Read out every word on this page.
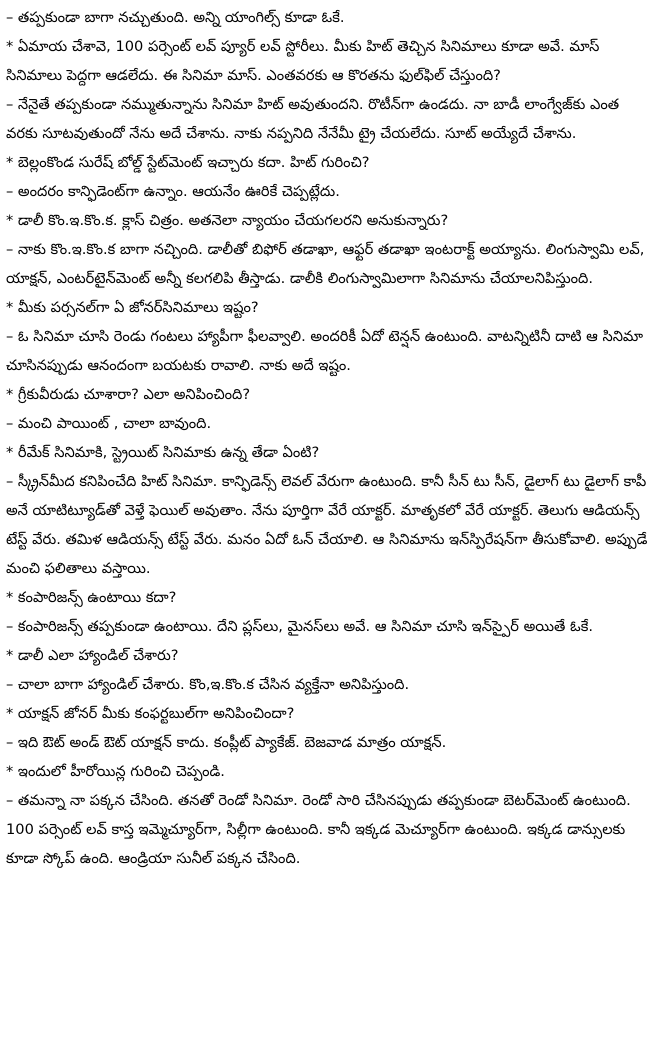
– తప్పకుండా బాగా నచ్చుతుంది. అన్ని యాంగిల్స్‌ కూడా ఓకే.

* ఏమాయ చేశావె, 100 పర్సెంట్‌ లవ్‌ ప్యూర్‌ లవ్‌ స్టోరీలు. మీకు హిట్‌ తెచ్చిన సినిమాలు కూడా అవే. మాస్‌ సినిమాలు పెద్దగా ఆడలేదు. ఈ సినిమా మాస్‌. ఎంతవరకు ఆ కొరతను ఫుల్‌ఫిల్‌ చేస్తుంది?

– నేనైతే తప్పకుండా నమ్ముతున్నాను సినిమా హిట్‌ అవుతుందని. రొటీన్‌గా ఉండదు. నా బాడీ లాంగ్వేజ్‌కు ఎంత వరకు సూటవుతుందో నేను అదే చేశాను. నాకు నప్పనిది నేనేమీ ట్రై చేయలేదు. సూట్‌ అయ్యేదే చేశాను.

* బెల్లంకొండ సురేష్‌ బోల్డ్‌ స్టేట్‌మెంట్‌ ఇచ్చారు కదా. హిట్‌ గురించి?

– అందరం కాన్ఫిడెంట్‌గా ఉన్నాం. ఆయనేం ఊరికే చెప్పట్లేదు.

* డాలీ కొం.ఇ.కొం.క. క్లాస్‌ చిత్రం. అతనెలా న్యాయం చేయగలరని అనుకున్నారు?

– నాకు కొం.ఇ.కొం.క బాగా నచ్చింది. డాలీతో బిఫోర్‌ తడాఖా, ఆఫ్టర్‌ తడాఖా ఇంటరాక్ట్‌ అయ్యాను. లింగుస్వామి లవ్‌, యాక్షన్‌, ఎంటర్‌టైన్‌మెంట్‌ అన్నీ కలగలిపి తీస్తాడు. డాలీకి లింగుస్వామిలాగా సినిమాను చేయాలనిపిస్తుంది.

* మీకు పర్సనల్‌గా ఏ జోనర్‌సినిమాలు ఇష్టం?

– ఓ సినిమా చూసి రెండు గంటలు హ్యాపీగా ఫీలవ్వాలి. అందరికీ ఏదో టెన్షన్‌ ఉంటుంది. వాటన్నిటినీ దాటి ఆ సినిమా చూసినప్పుడు ఆనందంగా బయటకు రావాలి. నాకు అదే ఇష్టం.

* గ్రీకువీరుడు చూశారా? ఎలా అనిపించింది?

– మంచి పాయింట్‌ , చాలా బావుంది.

* రీమేక్‌ సినిమాకి, స్ట్రెయిట్‌ సినిమాకు ఉన్న తేడా ఏంటి?

– స్క్రీన్‌మీద కనిపించేది హిట్‌ సినిమా. కాన్ఫిడెన్స్‌ లెవల్‌ వేరుగా ఉంటుంది. కానీ సీన్‌ టు సీన్‌, డైలాగ్‌ టు డైలాగ్‌ కాపీ అనే యాటిట్యూడ్‌తో వెళ్తే ఫెయిల్‌ అవుతాం. నేను పూర్తిగా వేరే యాక్టర్‌. మాతృకలో వేరే యాక్టర్‌. తెలుగు ఆడియన్స్‌ టేస్ట్‌ వేరు. తమిళ ఆడియన్స్‌ టేస్ట్‌ వేరు. మనం ఏదో ఓన్‌ చేయాలి. ఆ సినిమాను ఇన్‌స్పిరేషన్‌గా తీసుకోవాలి. అప్పుడే మంచి ఫలితాలు వస్తాయి.

* కంపారిజన్స్‌ ఉంటాయి కదా?

– కంపారిజన్స్‌ తప్పకుండా ఉంటాయి. దేని ప్లస్‌లు, మైనస్‌లు అవే. ఆ సినిమా చూసి ఇన్‌స్పైర్‌ అయితే ఓకే.

* డాలీ ఎలా హ్యాండిల్‌ చేశారు?

– చాలా బాగా హ్యాండిల్‌ చేశారు. కొం,ఇ.కొం.క చేసిన వ్యక్తేనా అనిపిస్తుంది.

* యాక్షన్‌ జోనర్‌ మీకు కంఫర్టబుల్‌గా అనిపించిందా?

– ఇది ఔట్‌ అండ్‌ ఔట్‌ యాక్షన్‌ కాదు. కంప్లీట్‌ ప్యాకేజ్‌. బెజవాడ మాత్రం యాక్షన్‌.

* ఇందులో హీరోయిన్ల గురించి చెప్పండి.

– తమన్నా నా పక్కన చేసింది. తనతో రెండో సినిమా. రెండో సారి చేసినప్పుడు తప్పకుండా బెటర్‌మెంట్‌ ఉంటుంది. 100 పర్సెంట్‌ లవ్‌ కాస్త ఇమ్మెచ్యూర్‌గా, సిల్లీగా ఉంటుంది. కానీ ఇక్కడ మెచ్యూర్‌గా ఉంటుంది. ఇక్కడ డాన్సులకు కూడా స్కోప్‌ ఉంది. ఆండ్రియా సునీల్‌ పక్కన చేసింది.
